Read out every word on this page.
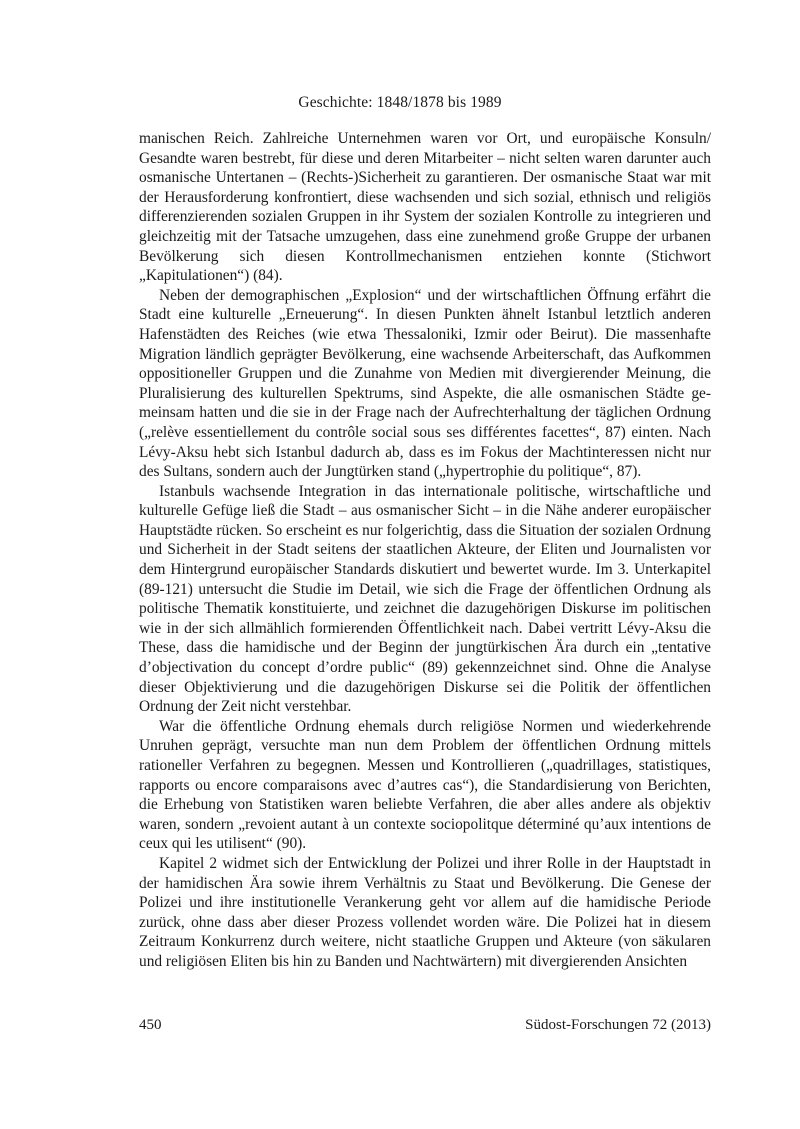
Geschichte: 1848/1878 bis 1989

manischen Reich. Zahlreiche Unternehmen waren vor Ort, und europäische Konsuln/ Gesandte waren bestrebt, für diese und deren Mitarbeiter – nicht selten waren darunter auch osmanische Untertanen – (Rechts-)Sicherheit zu garantieren. Der osmanische Staat war mit der Herausforderung konfrontiert, diese wachsenden und sich sozial, ethnisch und religiös differenzierenden sozialen Gruppen in ihr System der sozialen Kontrolle zu integrieren und gleichzeitig mit der Tatsache umzugehen, dass eine zunehmend große Gruppe der urbanen Bevölkerung sich diesen Kontrollmechanismen entziehen konnte (Stichwort „Kapitulationen“) (84).

Neben der demographischen „Explosion“ und der wirtschaftlichen Öffnung erfährt die Stadt eine kulturelle „Erneuerung“. In diesen Punkten ähnelt Istanbul letztlich anderen Hafenstädten des Reiches (wie etwa Thessaloniki, Izmir oder Beirut). Die massenhafte Migration ländlich geprägter Bevölkerung, eine wachsende Arbeiterschaft, das Aufkommen oppositioneller Gruppen und die Zunahme von Medien mit divergierender Meinung, die Pluralisierung des kulturellen Spektrums, sind Aspekte, die alle osmanischen Städte gemeinsam hatten und die sie in der Frage nach der Aufrechterhaltung der täglichen Ordnung („relève essentiellement du contrôle social sous ses différentes facettes“, 87) einten. Nach Lévy-Aksu hebt sich Istanbul dadurch ab, dass es im Fokus der Machtinteressen nicht nur des Sultans, sondern auch der Jungtürken stand („hypertrophie du politique“, 87).

Istanbuls wachsende Integration in das internationale politische, wirtschaftliche und kulturelle Gefüge ließ die Stadt – aus osmanischer Sicht – in die Nähe anderer europäischer Hauptstädte rücken. So erscheint es nur folgerichtig, dass die Situation der sozialen Ordnung und Sicherheit in der Stadt seitens der staatlichen Akteure, der Eliten und Journalisten vor dem Hintergrund europäischer Standards diskutiert und bewertet wurde. Im 3. Unterkapitel (89-121) untersucht die Studie im Detail, wie sich die Frage der öffentlichen Ordnung als politische Thematik konstituierte, und zeichnet die dazugehörigen Diskurse im politischen wie in der sich allmählich formierenden Öffentlichkeit nach. Dabei vertritt Lévy-Aksu die These, dass die hamidische und der Beginn der jungtürkischen Ära durch ein „tentative d’objectivation du concept d’ordre public“ (89) gekennzeichnet sind. Ohne die Analyse dieser Objektivierung und die dazugehörigen Diskurse sei die Politik der öffentlichen Ordnung der Zeit nicht verstehbar.

War die öffentliche Ordnung ehemals durch religiöse Normen und wiederkehrende Unruhen geprägt, versuchte man nun dem Problem der öffentlichen Ordnung mittels rationeller Verfahren zu begegnen. Messen und Kontrollieren („quadrillages, statistiques, rapports ou encore comparaisons avec d’autres cas“), die Standardisierung von Berichten, die Erhebung von Statistiken waren beliebte Verfahren, die aber alles andere als objektiv waren, sondern „revoient autant à un contexte sociopolitque déterminé qu’aux intentions de ceux qui les utilisent“ (90).

Kapitel 2 widmet sich der Entwicklung der Polizei und ihrer Rolle in der Hauptstadt in der hamidischen Ära sowie ihrem Verhältnis zu Staat und Bevölkerung. Die Genese der Polizei und ihre institutionelle Verankerung geht vor allem auf die hamidische Periode zurück, ohne dass aber dieser Prozess vollendet worden wäre. Die Polizei hat in diesem Zeitraum Konkurrenz durch weitere, nicht staatliche Gruppen und Akteure (von säkularen und religiösen Eliten bis hin zu Banden und Nachtwärtern) mit divergierenden Ansichten

450	Südost-Forschungen 72 (2013)
